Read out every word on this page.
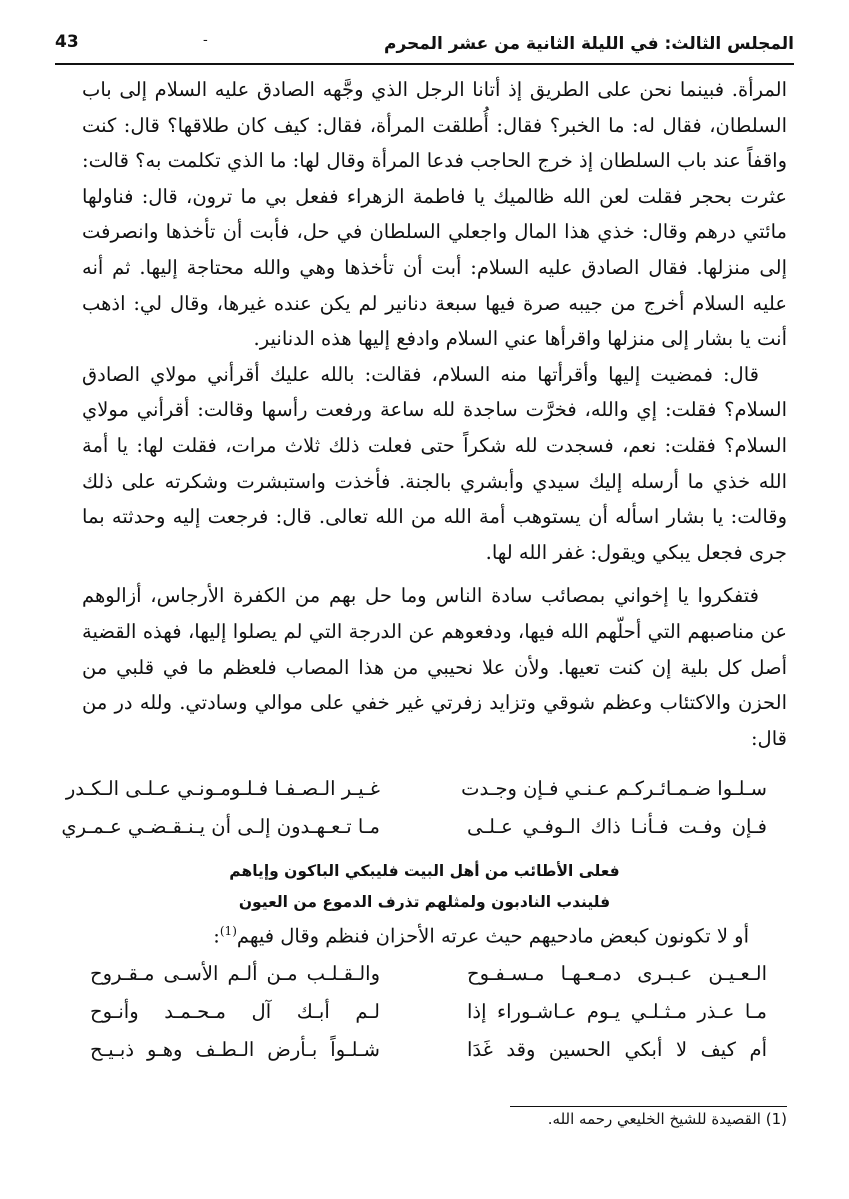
المجلس الثالث: في الليلة الثانية من عشر المحرم
-
43

المرأة. فبينما نحن على الطريق إذ أتانا الرجل الذي وجَّهه الصادق عليه السلام إلى باب السلطان، فقال له: ما الخبر؟ فقال: أُطلقت المرأة، فقال: كيف كان طلاقها؟ قال: كنت واقفاً عند باب السلطان إذ خرج الحاجب فدعا المرأة وقال لها: ما الذي تكلمت به؟ قالت: عثرت بحجر فقلت لعن الله ظالميك يا فاطمة الزهراء ففعل بي ما ترون، قال: فناولها مائتي درهم وقال: خذي هذا المال واجعلي السلطان في حل، فأبت أن تأخذها وانصرفت إلى منزلها. فقال الصادق عليه السلام: أبت أن تأخذها وهي والله محتاجة إليها. ثم أنه عليه السلام أخرج من جيبه صرة فيها سبعة دنانير لم يكن عنده غيرها، وقال لي: اذهب أنت يا بشار إلى منزلها واقرأها عني السلام وادفع إليها هذه الدنانير.

قال: فمضيت إليها وأقرأتها منه السلام، فقالت: بالله عليك أقرأني مولاي الصادق السلام؟ فقلت: إي والله، فخرَّت ساجدة لله ساعة ورفعت رأسها وقالت: أقرأني مولاي السلام؟ فقلت: نعم، فسجدت لله شكراً حتى فعلت ذلك ثلاث مرات، فقلت لها: يا أمة الله خذي ما أرسله إليك سيدي وأبشري بالجنة. فأخذت واستبشرت وشكرته على ذلك وقالت: يا بشار اسأله أن يستوهب أمة الله من الله تعالى. قال: فرجعت إليه وحدثته بما جرى فجعل يبكي ويقول: غفر الله لها.

فتفكروا يا إخواني بمصائب سادة الناس وما حل بهم من الكفرة الأرجاس، أزالوهم عن مناصبهم التي أحلّهم الله فيها، ودفعوهم عن الدرجة التي لم يصلوا إليها، فهذه القضية أصل كل بلية إن كنت تعيها. ولأن علا نحيبي من هذا المصاب فلعظم ما في قلبي من الحزن والاكتئاب وعظم شوقي وتزايد زفرتي غير خفي على موالي وسادتي. ولله در من قال:

سـلـوا ضـمـائـركـم عـنـي فـإن وجـدت
غـيـر الـصـفـا فـلـومـونـي عـلـى الـكـدر
فـإن وفـت فـأنـا ذاك الـوفـي عـلـى
مـا تـعـهـدون إلـى أن يـنـقـضـي عـمـري
فعلى الأطائب من أهل البيت فليبكي الباكون وإياهم
فليندب النادبون ولمثلهم تذرف الدموع من العيون
أو لا تكونون كبعض مادحيهم حيث عرته الأحزان فنظم وقال فيهم$^{(1)}$:
الـعـيـن عـبـرى دمـعـهـا مـسـفـوح
والـقـلـب مـن ألـم الأسـى مـقـروح
مـا عـذر مـثـلـي يـوم عـاشـوراء إذا
لـم أبـك آل مـحـمـد وأنـوح
أم كيف لا أبكي الحسين وقد غَدَا
شـلـواً بـأرض الـطـف وهـو ذبـيـح
(1) القصيدة للشيخ الخليعي رحمه الله.
